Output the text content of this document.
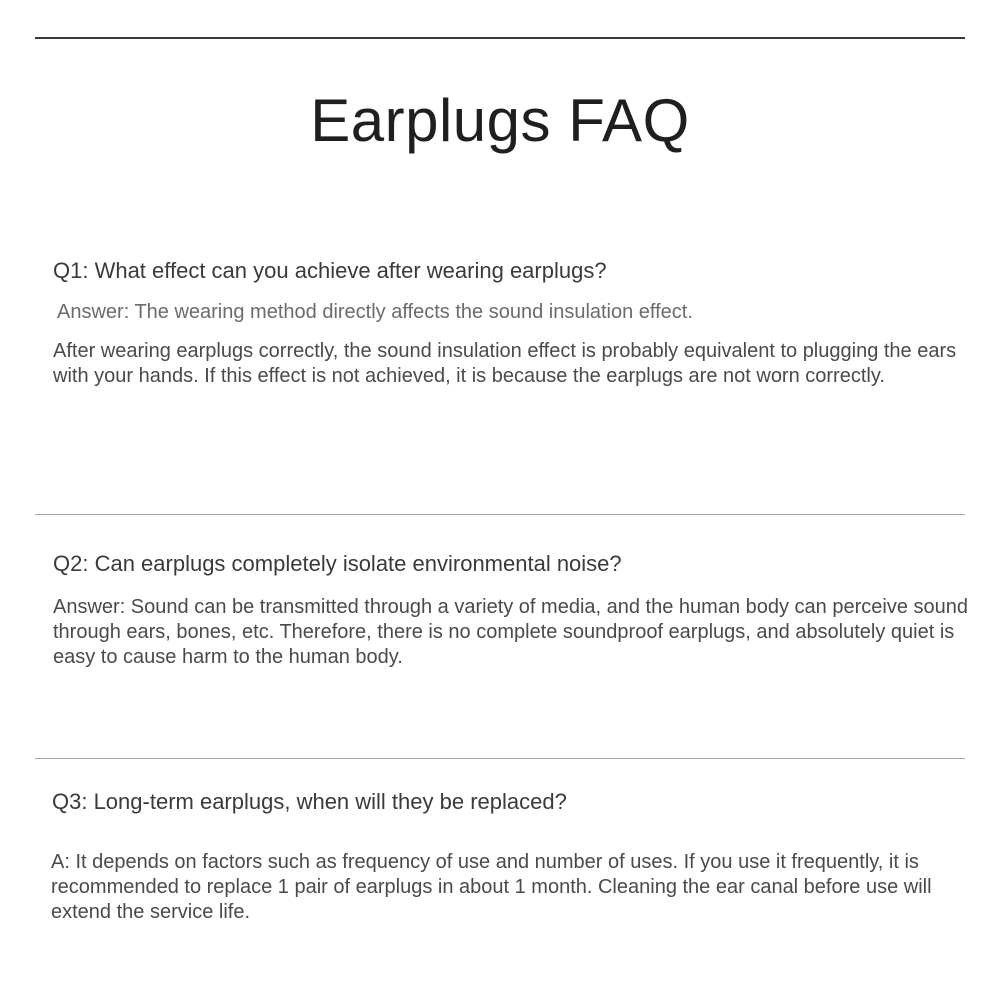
Earplugs FAQ
Q1: What effect can you achieve after wearing earplugs?
Answer: The wearing method directly affects the sound insulation effect.
After wearing earplugs correctly, the sound insulation effect is probably equivalent to plugging the ears with your hands. If this effect is not achieved, it is because the earplugs are not worn correctly.
Q2: Can earplugs completely isolate environmental noise?
Answer: Sound can be transmitted through a variety of media, and the human body can perceive sound through ears, bones, etc. Therefore, there is no complete soundproof earplugs, and absolutely quiet is easy to cause harm to the human body.
Q3: Long-term earplugs, when will they be replaced?
A: It depends on factors such as frequency of use and number of uses. If you use it frequently, it is recommended to replace 1 pair of earplugs in about 1 month. Cleaning the ear canal before use will extend the service life.
